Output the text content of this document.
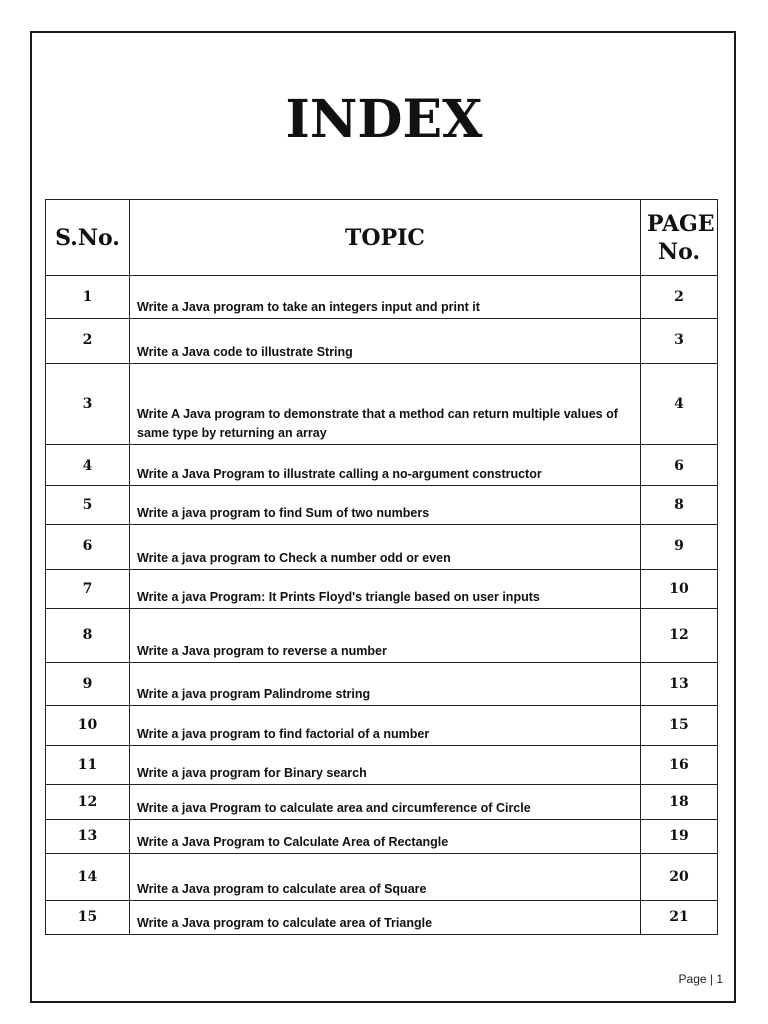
INDEX
S.No.	TOPIC	PAGE No.

1	Write a Java program to take an integers input and print it	2

2	Write a Java code to illustrate String	3

3	Write A Java program to demonstrate that a method can return multiple values of same type by returning an array	4

4	Write a Java Program to illustrate calling a no-argument constructor	6

5	Write a java program to find Sum of two numbers	8

6	Write a java program to Check a number odd or even	9

7	Write a java Program: It Prints Floyd's triangle based on user inputs	10

8	Write a Java program to reverse a number	12

9	Write a java program Palindrome string	13

10	Write a java program to find factorial of a number	15

11	Write a java program for Binary search	16

12	Write a java Program to calculate area and circumference of Circle	18

13	Write a Java Program to Calculate Area of Rectangle	19

14	Write a Java program to calculate area of Square	20

15	Write a Java program to calculate area of Triangle	21
Page | 1
